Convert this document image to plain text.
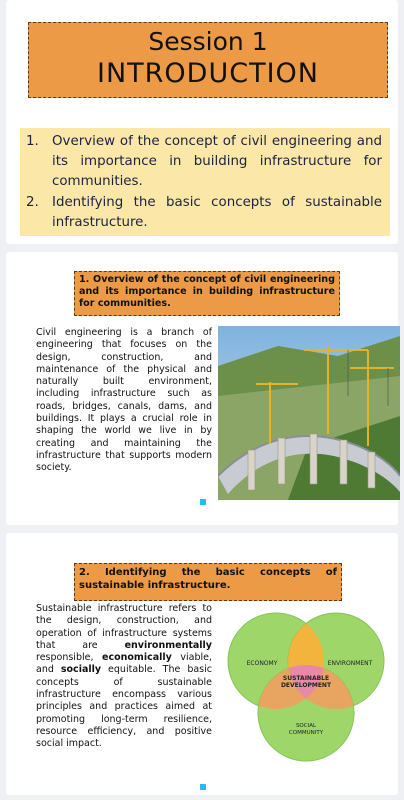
Session 1
INTRODUCTION
1. Overview of the concept of civil engineering and its importance in building infrastructure for communities.
2. Identifying the basic concepts of sustainable infrastructure.
1. Overview of the concept of civil engineering and its importance in building infrastructure for communities.
Civil engineering is a branch of engineering that focuses on the design, construction, and maintenance of the physical and naturally built environment, including infrastructure such as roads, bridges, canals, dams, and buildings. It plays a crucial role in shaping the world we live in by creating and maintaining the infrastructure that supports modern society.
2. Identifying the basic concepts of sustainable infrastructure.
Sustainable infrastructure refers to the design, construction, and operation of infrastructure systems that are environmentally responsible, economically viable, and socially equitable. The basic concepts of sustainable infrastructure encompass various principles and practices aimed at promoting long-term resilience, resource efficiency, and positive social impact.
ECONOMY	ENVIRONMENT
SUSTAINABLE
DEVELOPMENT
SOCIAL
COMMUNITY
